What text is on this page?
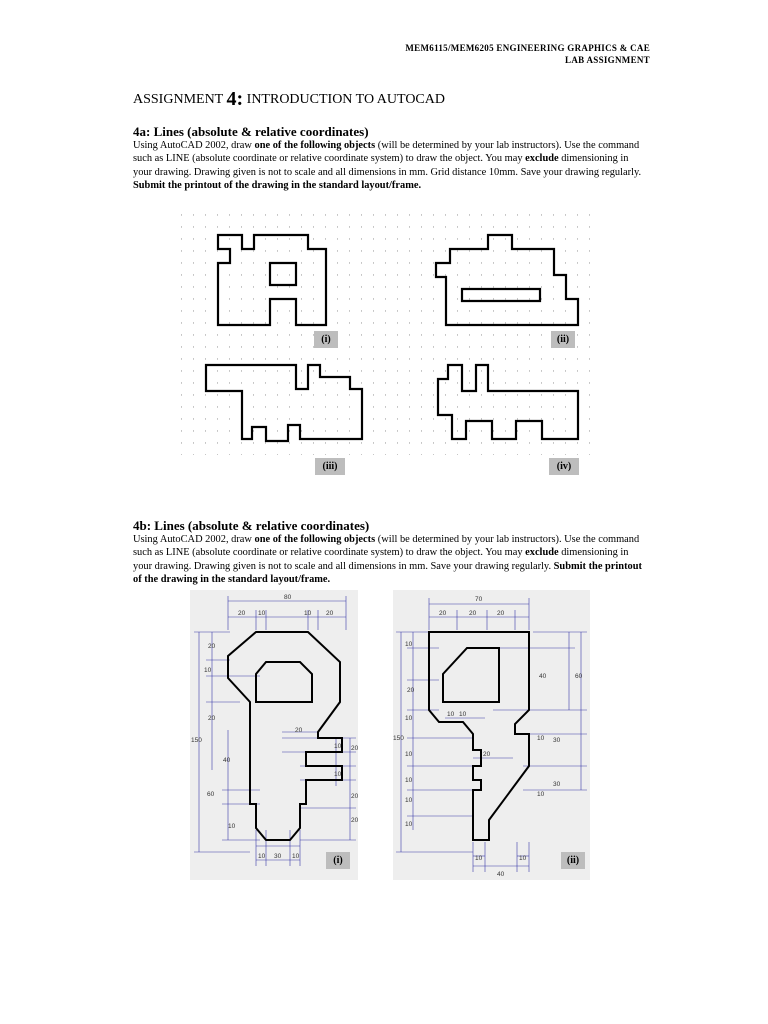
MEM6115/MEM6205 ENGINEERING GRAPHICS & CAE
LAB ASSIGNMENT
ASSIGNMENT 4: INTRODUCTION TO AUTOCAD
4a: Lines (absolute & relative coordinates)
Using AutoCAD 2002, draw one of the following objects (will be determined by your lab instructors). Use the command such as LINE (absolute coordinate or relative coordinate system) to draw the object. You may exclude dimensioning in your drawing. Drawing given is not to scale and all dimensions in mm. Grid distance 10mm. Save your drawing regularly. Submit the printout of the drawing in the standard layout/frame.
(i)	(ii)
(iii)	(iv)
4b: Lines (absolute & relative coordinates)
Using AutoCAD 2002, draw one of the following objects (will be determined by your lab instructors). Use the command such as LINE (absolute coordinate or relative coordinate system) to draw the object. You may exclude dimensioning in your drawing. Drawing given is not to scale and all dimensions in mm. Save your drawing regularly. Submit the printout of the drawing in the standard layout/frame.
80
20 10	10 20
20
10
20
150
40
60
10
20
10 20
10
20
20
10 30 10	(i)
70
20	20	20
10
20
10
150
10
10
10
10
10 10
20
40	60
10 30
10
30
10	10
40
(ii)
